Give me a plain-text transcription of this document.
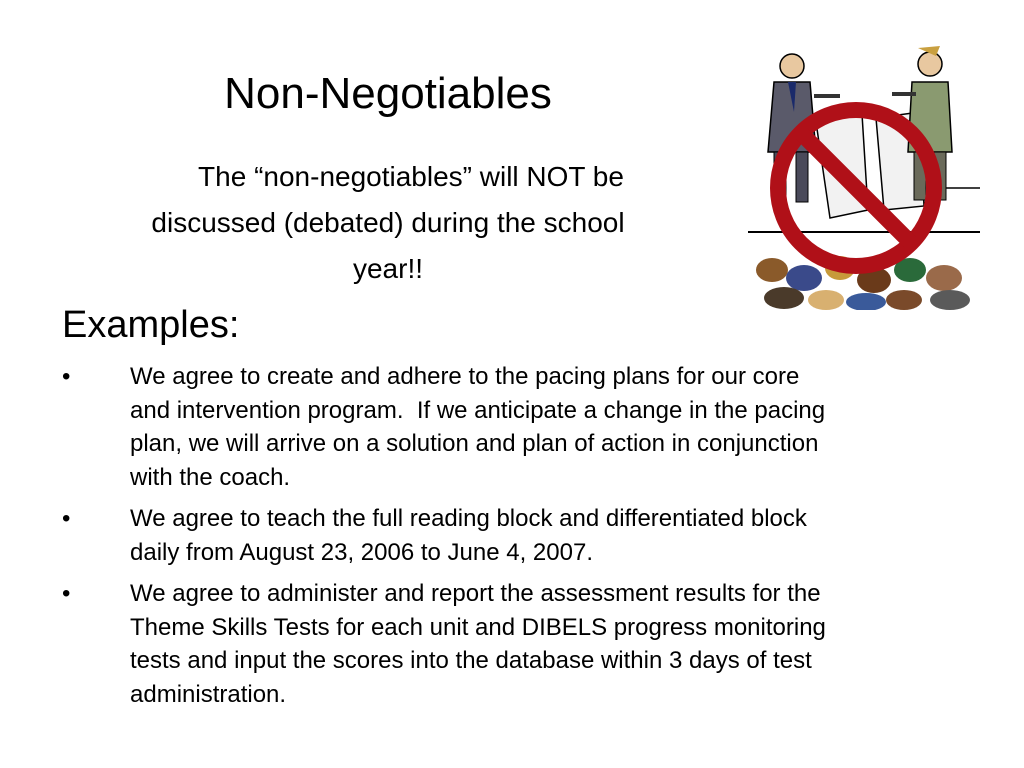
Non-Negotiables
The “non-negotiables” will NOT be
discussed (debated) during the school
year!!
Examples:
• We agree to create and adhere to the pacing plans for our core
and intervention program.  If we anticipate a change in the pacing
plan, we will arrive on a solution and plan of action in conjunction
with the coach.
• We agree to teach the full reading block and differentiated block
daily from August 23, 2006 to June 4, 2007.
• We agree to administer and report the assessment results for the
Theme Skills Tests for each unit and DIBELS progress monitoring
tests and input the scores into the database within 3 days of test
administration.
